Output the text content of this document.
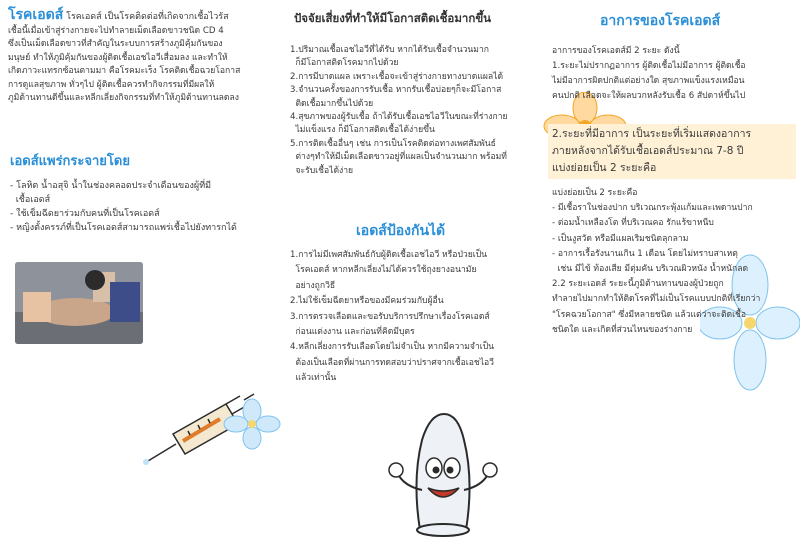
โรคเอดส์ โรคเอดส์ เป็นโรคติดต่อที่เกิดจากเชื้อไวรัส
เชื้อนี้เมื่อเข้าสู่ร่างกายจะไปทำลายเม็ดเลือดขาวชนิด CD 4
ซึ่งเป็นเม็ดเลือดขาวที่สำคัญในระบบการสร้างภูมิคุ้มกันของ
มนุษย์ ทำให้ภูมิคุ้มกันของผู้ติดเชื้อเอชไอวีเสื่อมลง และทำให้
เกิดภาวะแทรกซ้อนตามมา คือโรคมะเร็ง โรคติดเชื้อฉวยโอกาส
การดูแลสุขภาพ ทั่วๆไป ผู้ติดเชื้อควรทำกิจกรรมที่มีผลให้
ภูมิต้านทานดีขึ้นและหลีกเลี่ยงกิจกรรมที่ทำให้ภูมิต้านทานลดลง
เอดส์แพร่กระจายโดย
- โลหิต น้ำอสุจิ น้ำในช่องคลอดประจำเดือนของผู้ที่มี
เชื้อเอดส์
- ใช้เข็มฉีดยาร่วมกับคนที่เป็นโรคเอดส์
- หญิงตั้งครรภ์ที่เป็นโรคเอดส์สามารถแพร่เชื้อไปยังทารกได้
ปัจจัยเสี่ยงที่ทำให้มีโอกาสติดเชื้อมากขึ้น
1.ปริมาณเชื้อเอชไอวีที่ได้รับ หากได้รับเชื้อจำนวนมาก
ก็มีโอกาสติดโรคมากไปด้วย
2.การมีบาดแผล เพราะเชื้อจะเข้าสู่ร่างกายทางบาดแผลได้
3.จำนวนครั้งของการรับเชื้อ หากรับเชื้อบ่อยๆก็จะมีโอกาส
ติดเชื้อมากขึ้นไปด้วย
4.สุขภาพของผู้รับเชื้อ ถ้าได้รับเชื้อเอชไอวีในขณะที่ร่างกาย
ไม่แข็งแรง ก็มีโอกาสติดเชื้อได้ง่ายขึ้น
5.การติดเชื้ออื่นๆ เช่น การเป็นโรคติดต่อทางเพศสัมพันธ์
ต่างๆทำให้มีเม็ดเลือดขาวอยู่ที่แผลเป็นจำนวนมาก พร้อมที่
จะรับเชื้อได้ง่าย
เอดส์ป้องกันได้
1.การไม่มีเพศสัมพันธ์กับผู้ติดเชื้อเอชไอวี หรือป่วยเป็น
โรคเอดส์ หากหลีกเลี่ยงไม่ได้ควรใช้ถุงยางอนามัย
อย่างถูกวิธี
2.ไม่ใช้เข็มฉีดยาหรือของมีคมร่วมกับผู้อื่น
3.การตรวจเลือดและขอรับบริการปรึกษาเรื่องโรคเอดส์
ก่อนแต่งงาน และก่อนที่คิดมีบุตร
4.หลีกเลี่ยงการรับเลือดโดยไม่จำเป็น หากมีความจำเป็น
ต้องเป็นเลือดที่ผ่านการทดสอบว่าปราศจากเชื้อเอชไอวี
แล้วเท่านั้น
อาการของโรคเอดส์
อาการของโรคเอดส์มี 2 ระยะ ดังนี้
1.ระยะไม่ปรากฏอาการ ผู้ติดเชื้อไม่มีอาการ ผู้ติดเชื้อ
ไม่มีอาการผิดปกติแต่อย่างใด สุขภาพแข็งแรงเหมือน
คนปกติ เลือดจะให้ผลบวกหลังรับเชื้อ 6 สัปดาห์ขึ้นไป
2.ระยะที่มีอาการ เป็นระยะที่เริ่มแสดงอาการ
ภายหลังจากได้รับเชื้อเอดส์ประมาณ 7-8 ปี
แบ่งย่อยเป็น 2 ระยะคือ
แบ่งย่อยเป็น 2 ระยะคือ
- มีเชื้อราในช่องปาก บริเวณกระพุ้งแก้มและเพดานปาก
- ต่อมน้ำเหลืองโต ที่บริเวณคอ รักแร้ขาหนีบ
- เป็นงูสวัด หรือมีแผลเริมชนิดลุกลาม
- อาการเรื้อรังนานเกิน 1 เดือน โดยไม่ทราบสาเหตุ
เช่น มีไข้ ท้องเสีย มีตุ่มคัน บริเวณผิวหนัง น้ำหนักลด
2.2 ระยะเอดส์ ระยะนี้ภูมิต้านทานของผู้ป่วยถูก
ทำลายไปมากทำให้ติดโรคที่ไม่เป็นโรคแบบปกติที่เรียกว่า
"โรคฉวยโอกาส" ซึ่งมีหลายชนิด แล้วแต่ว่าจะติดเชื้อ
ชนิดใด และเกิดที่ส่วนไหนของร่างกาย
